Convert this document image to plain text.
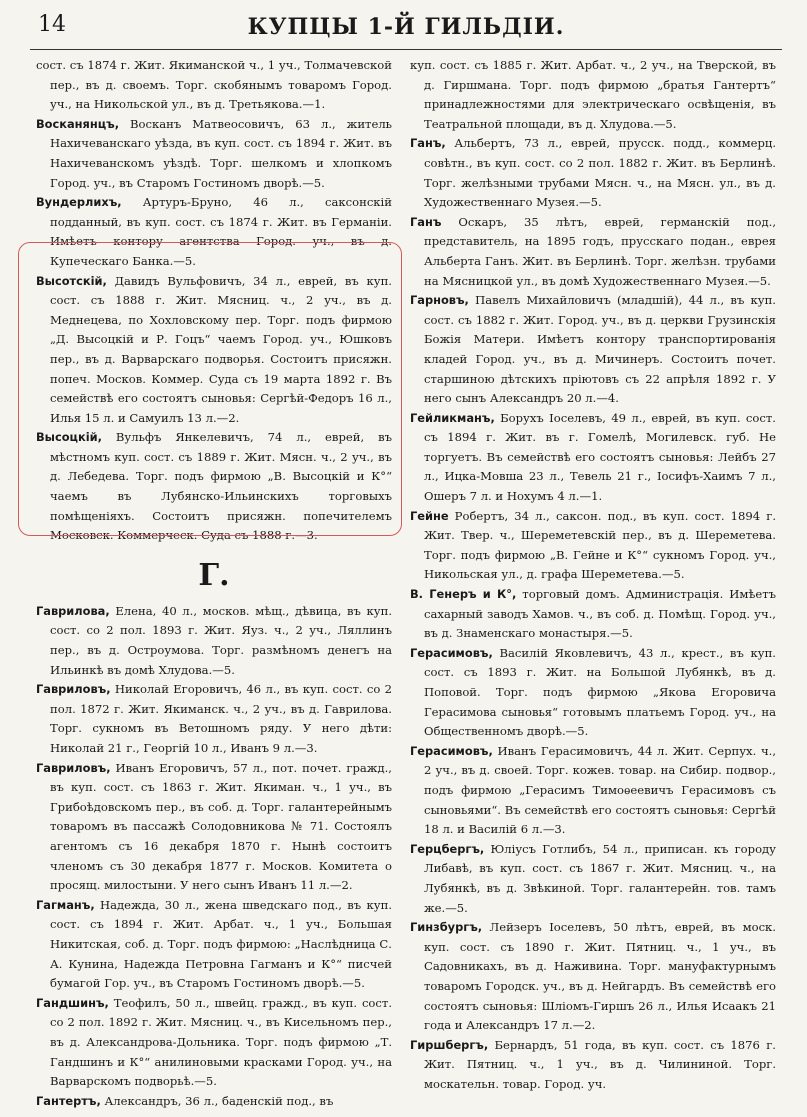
14	КУПЦЫ 1-Й ГИЛЬДIИ.

сост. съ 1874 г. Жит. Якиманской ч., 1 уч., Толмачевской пер., въ д. своемъ. Торг. скобянымъ товаромъ Город. уч., на Никольской ул., въ д. Третьякова.—1.

Восканянцъ, Восканъ Матвеосовичъ, 63 л., житель Нахичеванскаго уѣзда, въ куп. сост. съ 1894 г. Жит. въ Нахичеванскомъ уѣздѣ. Торг. шелкомъ и хлопкомъ Город. уч., въ Старомъ Гостиномъ дворѣ.—5.

Вундерлихъ, Артуръ-Бруно, 46 л., саксонскiй подданный, въ куп. сост. съ 1874 г. Жит. въ Германiи. Имѣетъ контору агентства Город. уч., въ д. Купеческаго Банка.—5.

Высотскiй, Давидъ Вульфовичъ, 34 л., еврей, въ куп. сост. съ 1888 г. Жит. Мясниц. ч., 2 уч., въ д. Меднецева, по Хохловскому пер. Торг. подъ фирмою „Д. Высоцкiй и Р. Гоцъ“ чаемъ Город. уч., Юшковъ пер., въ д. Варварскаго подворья. Состоитъ присяжн. попеч. Москов. Коммер. Суда съ 19 марта 1892 г. Въ семействѣ его состоятъ сыновья: Сергѣй-Федоръ 16 л., Илья 15 л. и Самуилъ 13 л.—2.

Высоцкiй, Вульфъ Янкелевичъ, 74 л., еврей, въ мѣстномъ куп. сост. съ 1889 г. Жит. Мясн. ч., 2 уч., въ д. Лебедева. Торг. подъ фирмою „В. Высоцкiй и К°“ чаемъ въ Лубянско-Ильинскихъ торговыхъ помѣщенiяхъ. Состоитъ присяжн. попечителемъ Московск. Коммерческ. Суда съ 1888 г.—3.

Г.

Гаврилова, Елена, 40 л., москов. мѣщ., дѣвица, въ куп. сост. со 2 пол. 1893 г. Жит. Яуз. ч., 2 уч., Ляллинъ пер., въ д. Остроумова. Торг. размѣномъ денегъ на Ильинкѣ въ домѣ Хлудова.—5.

Гавриловъ, Николай Егоровичъ, 46 л., въ куп. сост. со 2 пол. 1872 г. Жит. Якиманск. ч., 2 уч., въ д. Гаврилова. Торг. сукномъ въ Ветошномъ ряду. У него дѣти: Николай 21 г., Георгiй 10 л., Иванъ 9 л.—3.

Гавриловъ, Иванъ Егоровичъ, 57 л., пот. почет. гражд., въ куп. сост. съ 1863 г. Жит. Якиман. ч., 1 уч., въ Грибоѣдовскомъ пер., въ соб. д. Торг. галантерейнымъ товаромъ въ пассажѣ Солодовникова № 71. Состоялъ агентомъ съ 16 декабря 1870 г. Нынѣ состоитъ членомъ съ 30 декабря 1877 г. Москов. Комитета о просящ. милостыни. У него сынъ Иванъ 11 л.—2.

Гагманъ, Надежда, 30 л., жена шведскаго под., въ куп. сост. съ 1894 г. Жит. Арбат. ч., 1 уч., Большая Никитская, соб. д. Торг. подъ фирмою: „Наслѣдница С. А. Кунина, Надежда Петровна Гагманъ и К°“ писчей бумагой Гор. уч., въ Старомъ Гостиномъ дворѣ.—5.

Гандшинъ, Теофилъ, 50 л., швейц. гражд., въ куп. сост. со 2 пол. 1892 г. Жит. Мясниц. ч., въ Кисельномъ пер., въ д. Александрова-Дольника. Торг. подъ фирмою „Т. Гандшинъ и К°“ анилиновыми красками Город. уч., на Варварскомъ подворьѣ.—5.

Гантертъ, Александръ, 36 л., баденскiй под., въ

куп. сост. съ 1885 г. Жит. Арбат. ч., 2 уч., на Тверской, въ д. Гиршмана. Торг. подъ фирмою „братья Гантертъ“ принадлежностями для электрическаго освѣщенiя, въ Театральной площади, въ д. Хлудова.—5.

Ганъ, Альбертъ, 73 л., еврей, прусск. подд., коммерц. совѣтн., въ куп. сост. со 2 пол. 1882 г. Жит. въ Берлинѣ. Торг. желѣзными трубами Мясн. ч., на Мясн. ул., въ д. Художественнаго Музея.—5.

Ганъ Оскаръ, 35 лѣтъ, еврей, германскiй под., представитель, на 1895 годъ, прусскаго подан., еврея Альберта Ганъ. Жит. въ Берлинѣ. Торг. желѣзн. трубами на Мясницкой ул., въ домѣ Художественнаго Музея.—5.

Гарновъ, Павелъ Михайловичъ (младшiй), 44 л., въ куп. сост. съ 1882 г. Жит. Город. уч., въ д. церкви Грузинскія Божія Матери. Имѣетъ контору транспортированія кладей Город. уч., въ д. Мичинеръ. Состоитъ почет. старшиною дѣтскихъ прiютовъ съ 22 апрѣля 1892 г. У него сынъ Александръ 20 л.—4.

Гейликманъ, Борухъ Іоселевъ, 49 л., еврей, въ куп. сост. съ 1894 г. Жит. въ г. Гомелѣ, Могилевск. губ. Не торгуетъ. Въ семействѣ его состоятъ сыновья: Лейбъ 27 л., Ицка-Мовша 23 л., Тевель 21 г., Іосифъ-Хаимъ 7 л., Ошеръ 7 л. и Нохумъ 4 л.—1.

Гейне Робертъ, 34 л., саксон. под., въ куп. сост. 1894 г. Жит. Твер. ч., Шереметевскiй пер., въ д. Шереметева. Торг. подъ фирмою „В. Гейне и К°“ сукномъ Город. уч., Никольская ул., д. графа Шереметева.—5.

В. Генеръ и К°, торговый домъ. Администрацiя. Имѣетъ сахарный заводъ Хамов. ч., въ соб. д. Помѣщ. Город. уч., въ д. Знаменскаго монастыря.—5.

Герасимовъ, Василiй Яковлевичъ, 43 л., крест., въ куп. сост. съ 1893 г. Жит. на Большой Лубянкѣ, въ д. Поповой. Торг. подъ фирмою „Якова Егоровича Герасимова сыновья“ готовымъ платьемъ Город. уч., на Общественномъ дворѣ.—5.

Герасимовъ, Иванъ Герасимовичъ, 44 л. Жит. Серпух. ч., 2 уч., въ д. своей. Торг. кожев. товар. на Сибир. подвор., подъ фирмою „Герасимъ Тимоѳеевичъ Герасимовъ съ сыновьями“. Въ семействѣ его состоятъ сыновья: Сергѣй 18 л. и Василiй 6 л.—3.

Герцбергъ, Юлiусъ Готлибъ, 54 л., приписан. къ городу Либавѣ, въ куп. сост. съ 1867 г. Жит. Мясниц. ч., на Лубянкѣ, въ д. Звѣкиной. Торг. галантерейн. тов. тамъ же.—5.

Гинзбургъ, Лейзеръ Іоселевъ, 50 лѣтъ, еврей, въ моск. куп. сост. съ 1890 г. Жит. Пятниц. ч., 1 уч., въ Садовникахъ, въ д. Наживина. Торг. мануфактурнымъ товаромъ Городск. уч., въ д. Нейгардъ. Въ семействѣ его состоятъ сыновья: Шлiомъ-Гиршъ 26 л., Илья Исаакъ 21 года и Александръ 17 л.—2.

Гиршбергъ, Бернардъ, 51 года, въ куп. сост. съ 1876 г. Жит. Пятниц. ч., 1 уч., въ д. Чилининой. Торг. москательн. товар. Город. уч.
